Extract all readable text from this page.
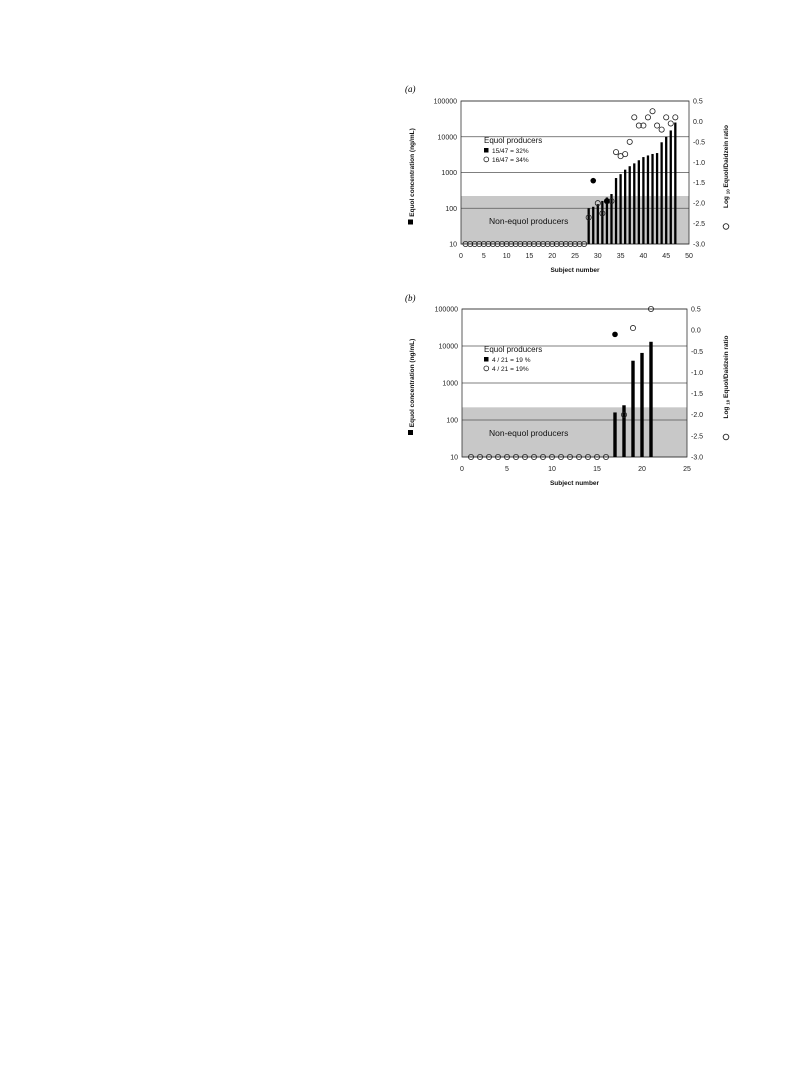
(a)
10
100
1000
10000
100000	0.5
0.0
-0.5
-1.0
-1.5
-2.0
-2.5
-3.0
0	5 10 15 20 25 30 35 40 45 50
Subject number
Equol concentration (ng/mL)	Log $_{10}$ Equol/Daidzein ratio
Equol producers
15/47 = 32%
16/47 = 34%
Non-equol producers
(b)
10
100
1000
10000
100000	0.5
0.0
-0.5
-1.0
-1.5
-2.0
-2.5
-3.0
0	5	10	15	20	25
Subject number
Equol concentration (ng/mL)	Log $_{10}$ Equol/Daidzein ratio
Equol producers
4 / 21 = 19 %
4 / 21 = 19%
Non-equol producers
